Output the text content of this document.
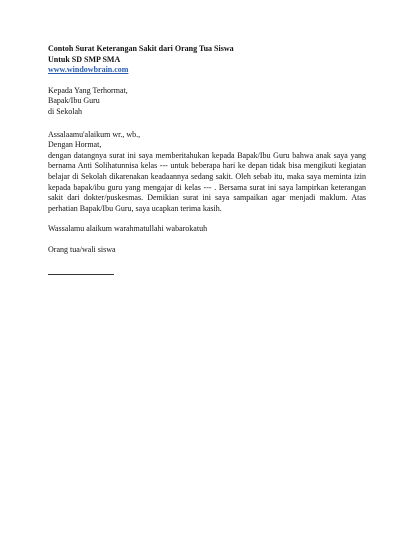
Contoh Surat Keterangan Sakit dari Orang Tua Siswa
Untuk SD SMP SMA
www.windowbrain.com
Kepada Yang Terhormat,
Bapak/Ibu Guru
di Sekolah
Assalaamu'alaikum wr., wb.,
Dengan Hormat,
dengan datangnya surat ini saya memberitahukan kepada Bapak/Ibu Guru bahwa anak saya yang bernama Anti Solihatunnisa kelas --- untuk beberapa hari ke depan tidak bisa mengikuti kegiatan belajar di Sekolah dikarenakan keadaannya sedang sakit. Oleh sebab itu, maka saya meminta izin kepada bapak/ibu guru yang mengajar di kelas --- . Bersama surat ini saya lampirkan keterangan sakit dari dokter/puskesmas. Demikian surat ini saya sampaikan agar menjadi maklum. Atas perhatian Bapak/Ibu Guru, saya ucapkan terima kasih.
Wassalamu alaikum warahmatullahi wabarokatuh
Orang tua/wali siswa
